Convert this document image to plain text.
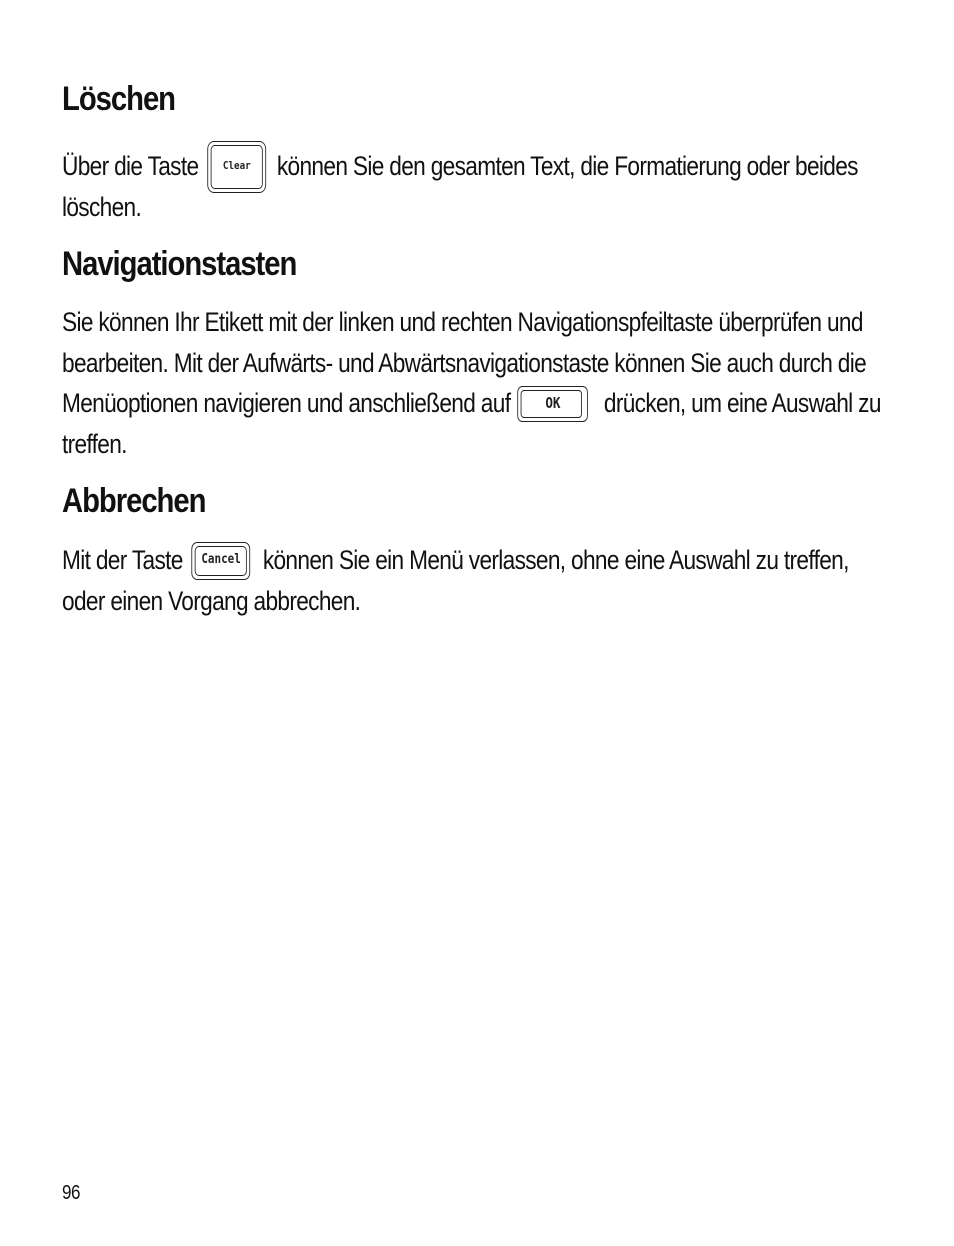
Löschen

Über die Taste Clear können Sie den gesamten Text, die Formatierung oder beides löschen.

Navigationstasten

Sie können Ihr Etikett mit der linken und rechten Navigationspfeiltaste überprüfen und bearbeiten. Mit der Aufwärts- und Abwärtsnavigationstaste können Sie auch durch die Menüoptionen navigieren und anschließend auf OK drücken, um eine Auswahl zu treffen.

Abbrechen

Mit der Taste Cancel können Sie ein Menü verlassen, ohne eine Auswahl zu treffen, oder einen Vorgang abbrechen.

96
